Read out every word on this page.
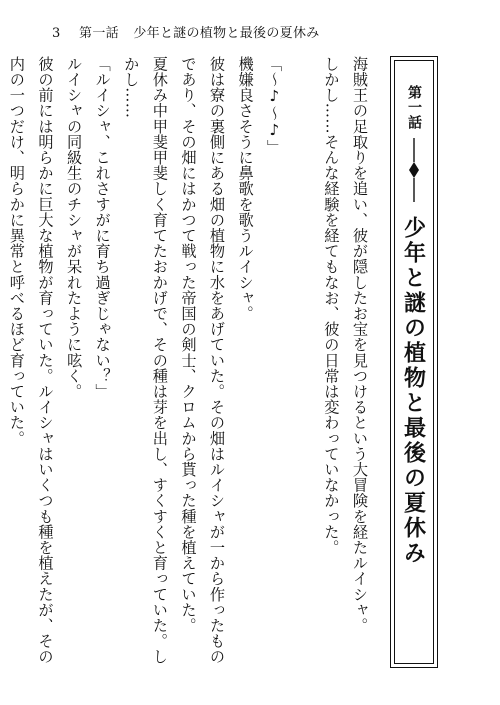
3 第一話 少年と謎の植物と最後の夏休み

海賊王の足取りを追い、彼が隠したお宝を見つけるという大冒険を経たルイシャ。

しかし……そんな経験を経てもなお、彼の日常は変わっていなかった。

「～♪～♪」

機嫌良さそうに鼻歌を歌うルイシャ。

彼は寮の裏側にある畑の植物に水をあげていた。その畑はルイシャが一から作ったもの

であり、その畑にはかつて戦った帝国の剣士、クロムから貰った種を植えていた。

夏休み中甲斐甲斐しく育てたおかげで、その種は芽を出し、すくすくと育っていた。し

かし……

「ルイシャ、これさすがに育ち過ぎじゃない？」

ルイシャの同級生のチシャが呆れたように呟く。

彼の前には明らかに巨大な植物が育っていた。ルイシャはいくつも種を植えたが、その

内の一つだけ、明らかに異常と呼べるほど育っていた。	第一話
少年と謎の植物と最後の夏休み
